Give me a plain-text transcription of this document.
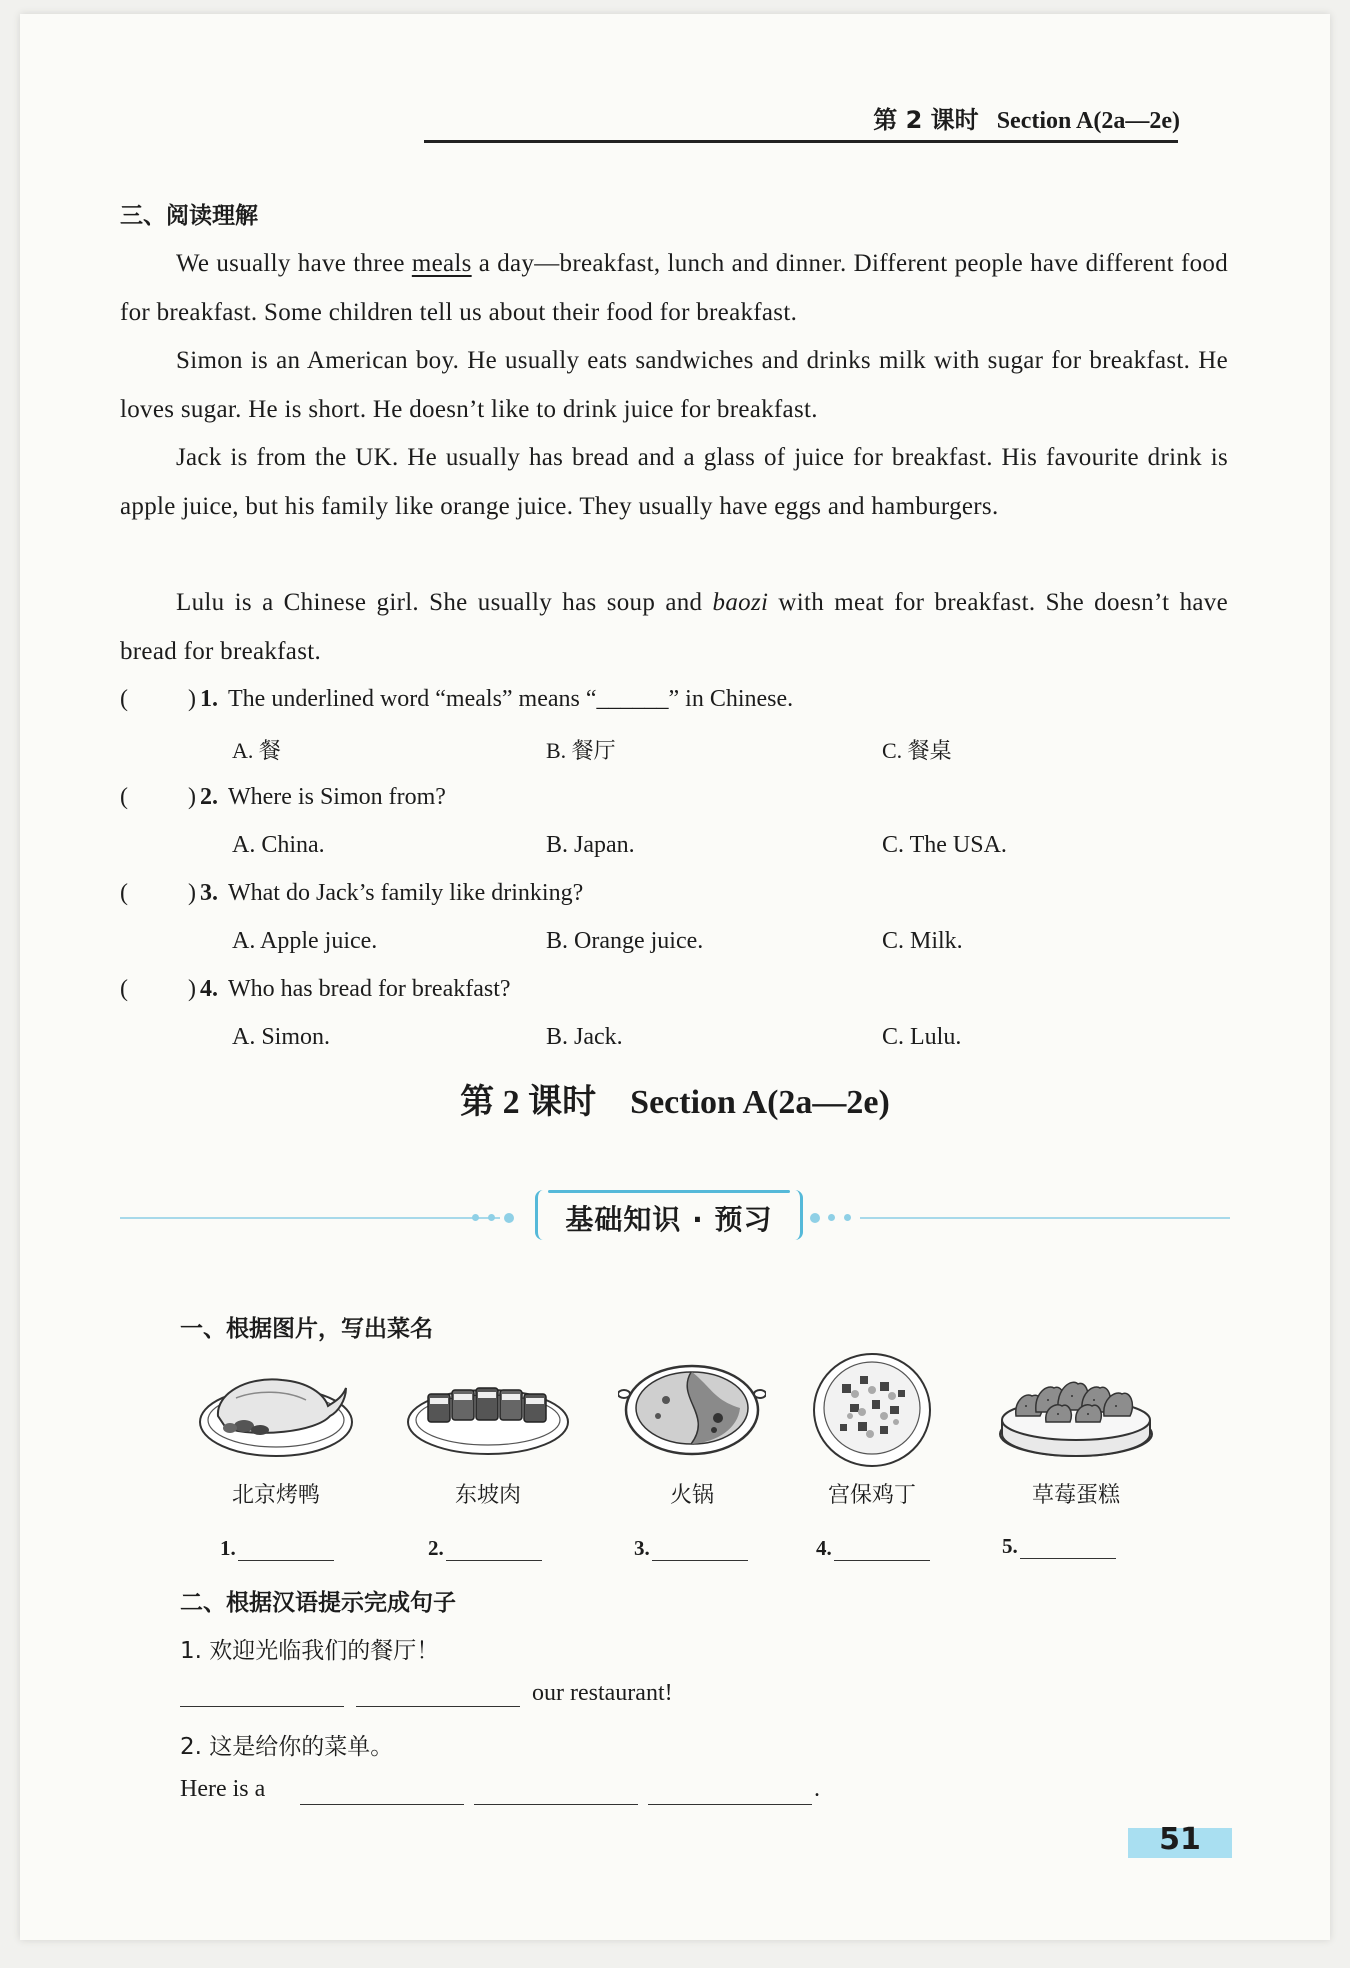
第 2 课时 Section A(2a—2e)
三、阅读理解
We usually have three meals a day—breakfast, lunch and dinner. Different people have different food for breakfast. Some children tell us about their food for breakfast.
Simon is an American boy. He usually eats sandwiches and drinks milk with sugar for breakfast. He loves sugar. He is short. He doesn’t like to drink juice for breakfast.
Jack is from the UK. He usually has bread and a glass of juice for breakfast. His favourite drink is apple juice, but his family like orange juice. They usually have eggs and hamburgers.
Lulu is a Chinese girl. She usually has soup and baozi with meat for breakfast. She doesn’t have bread for breakfast.
(	) 1. The underlined word “meals” means “______” in Chinese.
A. 餐	B. 餐厅	C. 餐桌
(	) 2. Where is Simon from?
A. China.	B. Japan.	C. The USA.
(	) 3. What do Jack’s family like drinking?
A. Apple juice.	B. Orange juice.	C. Milk.
(	) 4. Who has bread for breakfast?
A. Simon.	B. Jack.	C. Lulu.
第 2 课时　Section A(2a—2e)
基础知识 · 预习
一、根据图片，写出菜名
北京烤鸭	东坡肉	火锅	宫保鸡丁	草莓蛋糕
1.	2.	3.	4.	5.
二、根据汉语提示完成句子
1. 欢迎光临我们的餐厅！
our restaurant!
2. 这是给你的菜单。
Here is a	.
51
